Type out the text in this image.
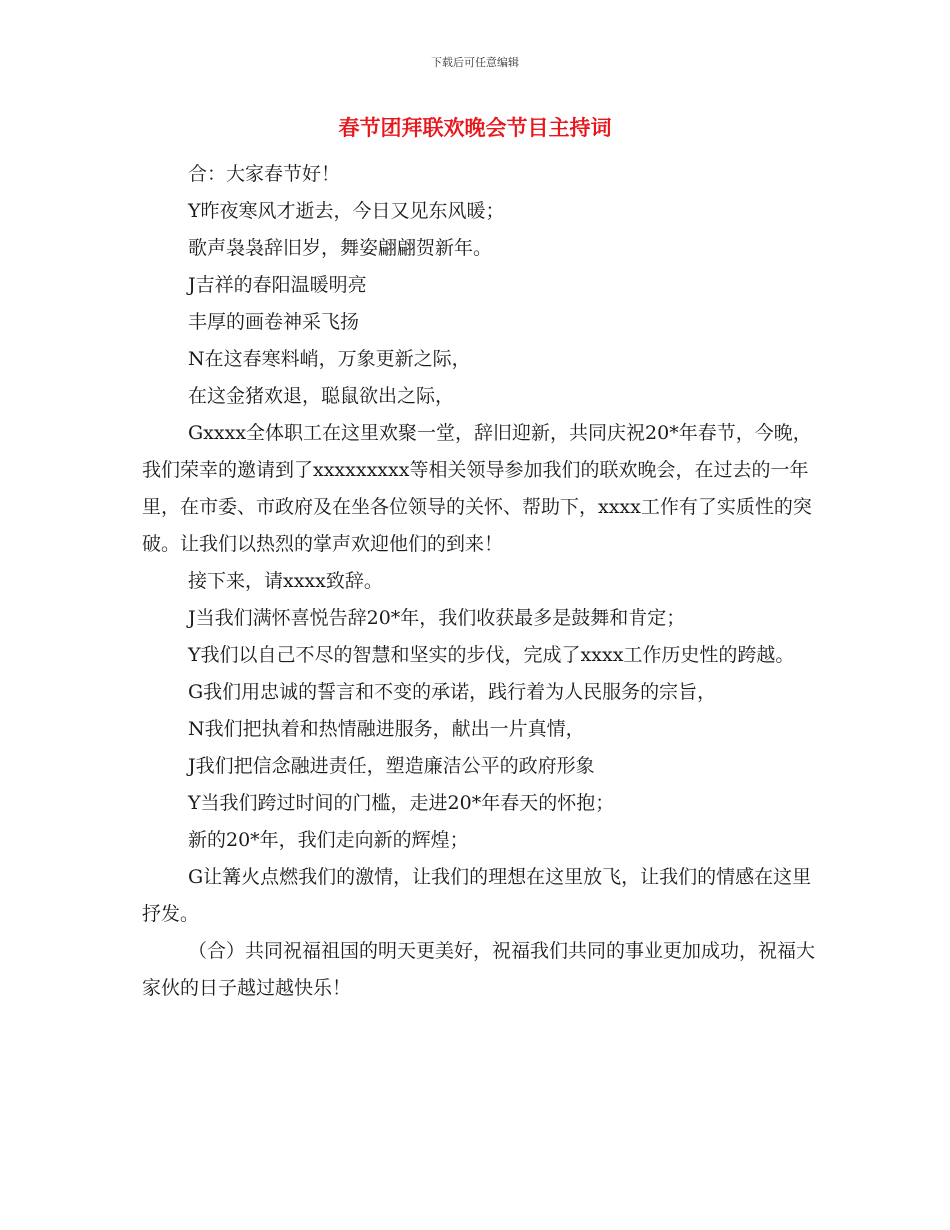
下载后可任意编辑
春节团拜联欢晚会节目主持词

合：大家春节好！

Y昨夜寒风才逝去，今日又见东风暖；

歌声袅袅辞旧岁，舞姿翩翩贺新年。

J吉祥的春阳温暖明亮

丰厚的画卷神采飞扬

N在这春寒料峭，万象更新之际，

在这金猪欢退，聪鼠欲出之际，

Gxxxx全体职工在这里欢聚一堂，辞旧迎新，共同庆祝20*年春节，今晚，我们荣幸的邀请到了xxxxxxxxx等相关领导参加我们的联欢晚会，在过去的一年里，在市委、市政府及在坐各位领导的关怀、帮助下，xxxx工作有了实质性的突破。让我们以热烈的掌声欢迎他们的到来！

接下来，请xxxx致辞。

J当我们满怀喜悦告辞20*年，我们收获最多是鼓舞和肯定；

Y我们以自己不尽的智慧和坚实的步伐，完成了xxxx工作历史性的跨越。

G我们用忠诚的誓言和不变的承诺，践行着为人民服务的宗旨，

N我们把执着和热情融进服务，献出一片真情，

J我们把信念融进责任，塑造廉洁公平的政府形象

Y当我们跨过时间的门槛，走进20*年春天的怀抱；

新的20*年，我们走向新的辉煌；

G让篝火点燃我们的激情，让我们的理想在这里放飞，让我们的情感在这里抒发。

（合）共同祝福祖国的明天更美好，祝福我们共同的事业更加成功，祝福大家伙的日子越过越快乐！
